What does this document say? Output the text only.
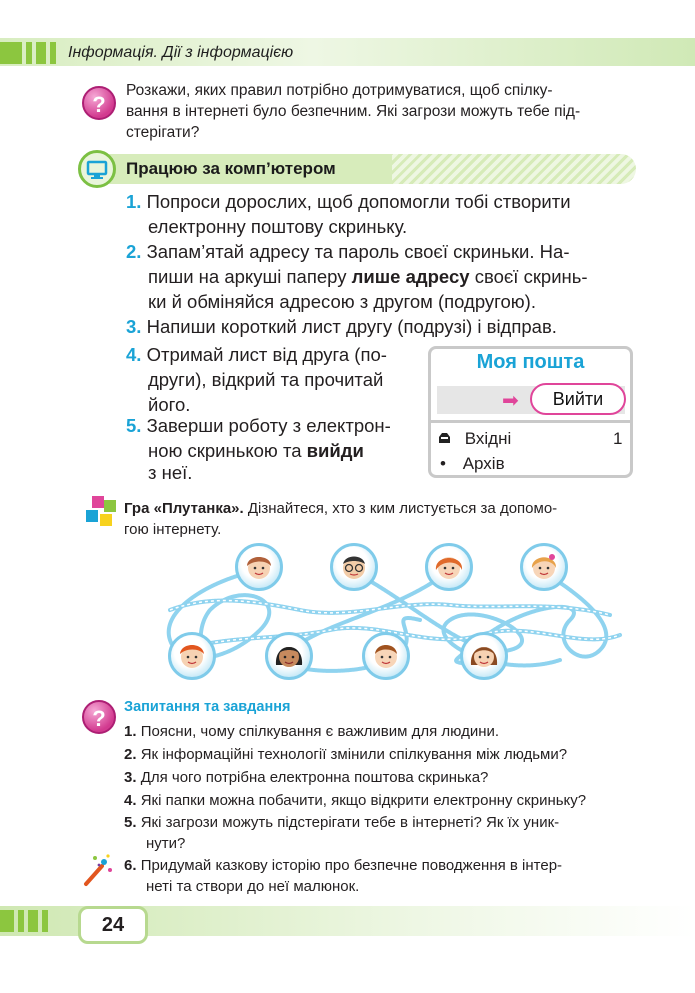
Інформація. Дії з інформацією
?
Розкажи, яких правил потрібно дотримуватися, щоб спілку-
вання в інтернеті було безпечним. Які загрози можуть тебе під-
стерігати?
Працюю за комп’ютером
1. Попроси дорослих, щоб допомогли тобі створити
електронну поштову скриньку.
2. Запам’ятай адресу та пароль своєї скриньки. На-
пиши на аркуші паперу лише адресу своєї скринь-
ки й обміняйся адресою з другом (подругою).
3. Напиши короткий лист другу (подрузі) і відправ.
4. Отримай лист від друга (по-
други), відкрий та прочитай
його.
5. Заверши роботу з електрон-
ною скринькою та вийди
з неї.
Моя пошта
➡	Вийти
Вхідні	1
• Архів
Гра «Плутанка». Дізнайтеся, хто з ким листується за допомо-
гою інтернету.
?	Запитання та завдання
1. Поясни, чому спілкування є важливим для людини.
2. Як інформаційні технології змінили спілкування між людьми?
3. Для чого потрібна електронна поштова скринька?
4. Які папки можна побачити, якщо відкрити електронну скриньку?
5. Які загрози можуть підстерігати тебе в інтернеті? Як їх уник-
нути?
6. Придумай казкову історію про безпечне поводження в інтер-
неті та створи до неї малюнок.
24
